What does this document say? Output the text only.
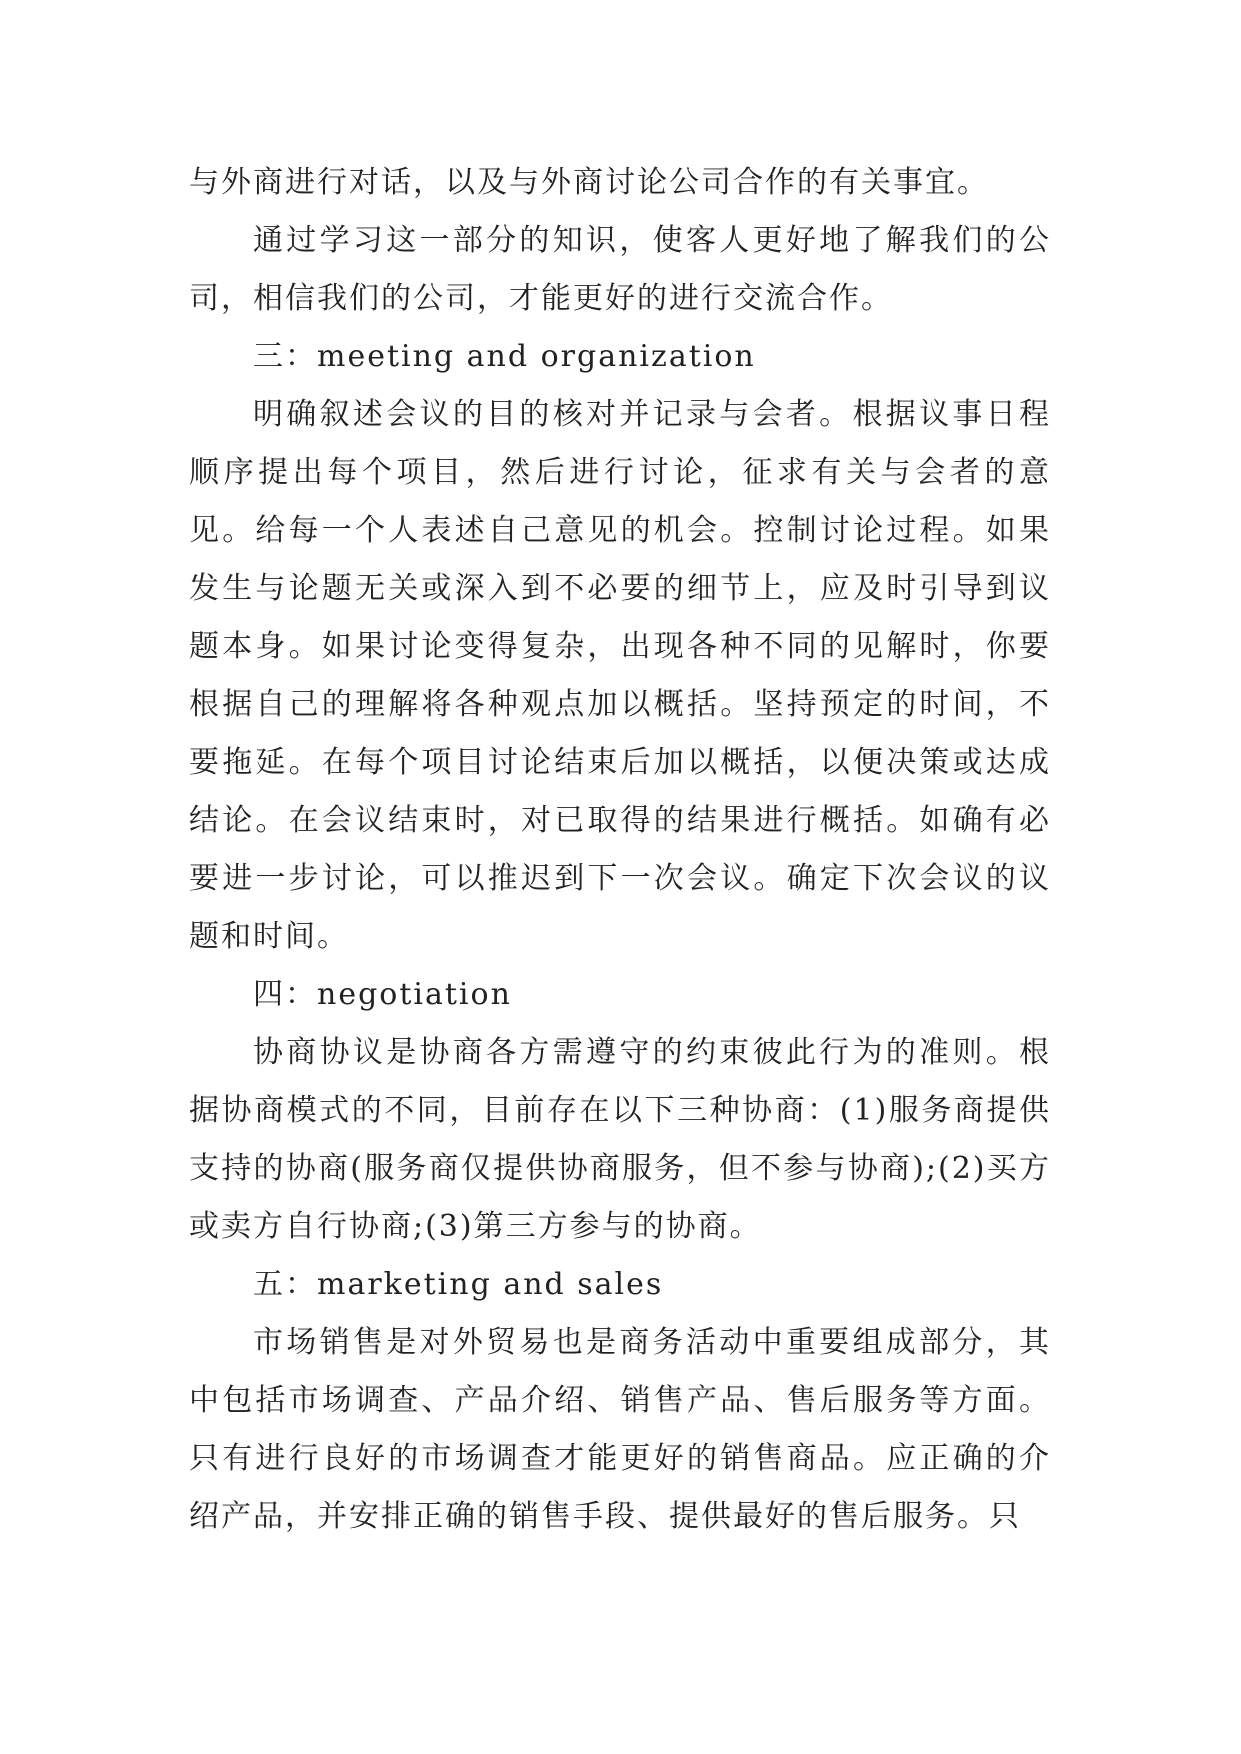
与外商进行对话，以及与外商讨论公司合作的有关事宜。

通过学习这一部分的知识，使客人更好地了解我们的公司，相信我们的公司，才能更好的进行交流合作。

三：meeting and organization

明确叙述会议的目的核对并记录与会者。根据议事日程顺序提出每个项目，然后进行讨论，征求有关与会者的意见。给每一个人表述自己意见的机会。控制讨论过程。如果发生与论题无关或深入到不必要的细节上，应及时引导到议题本身。如果讨论变得复杂，出现各种不同的见解时，你要根据自己的理解将各种观点加以概括。坚持预定的时间，不要拖延。在每个项目讨论结束后加以概括，以便决策或达成结论。在会议结束时，对已取得的结果进行概括。如确有必要进一步讨论，可以推迟到下一次会议。确定下次会议的议题和时间。

四：negotiation

协商协议是协商各方需遵守的约束彼此行为的准则。根据协商模式的不同，目前存在以下三种协商：(1)服务商提供支持的协商(服务商仅提供协商服务，但不参与协商);(2)买方或卖方自行协商;(3)第三方参与的协商。

五：marketing and sales

市场销售是对外贸易也是商务活动中重要组成部分，其中包括市场调查、产品介绍、销售产品、售后服务等方面。只有进行良好的市场调查才能更好的销售商品。应正确的介绍产品，并安排正确的销售手段、提供最好的售后服务。只
